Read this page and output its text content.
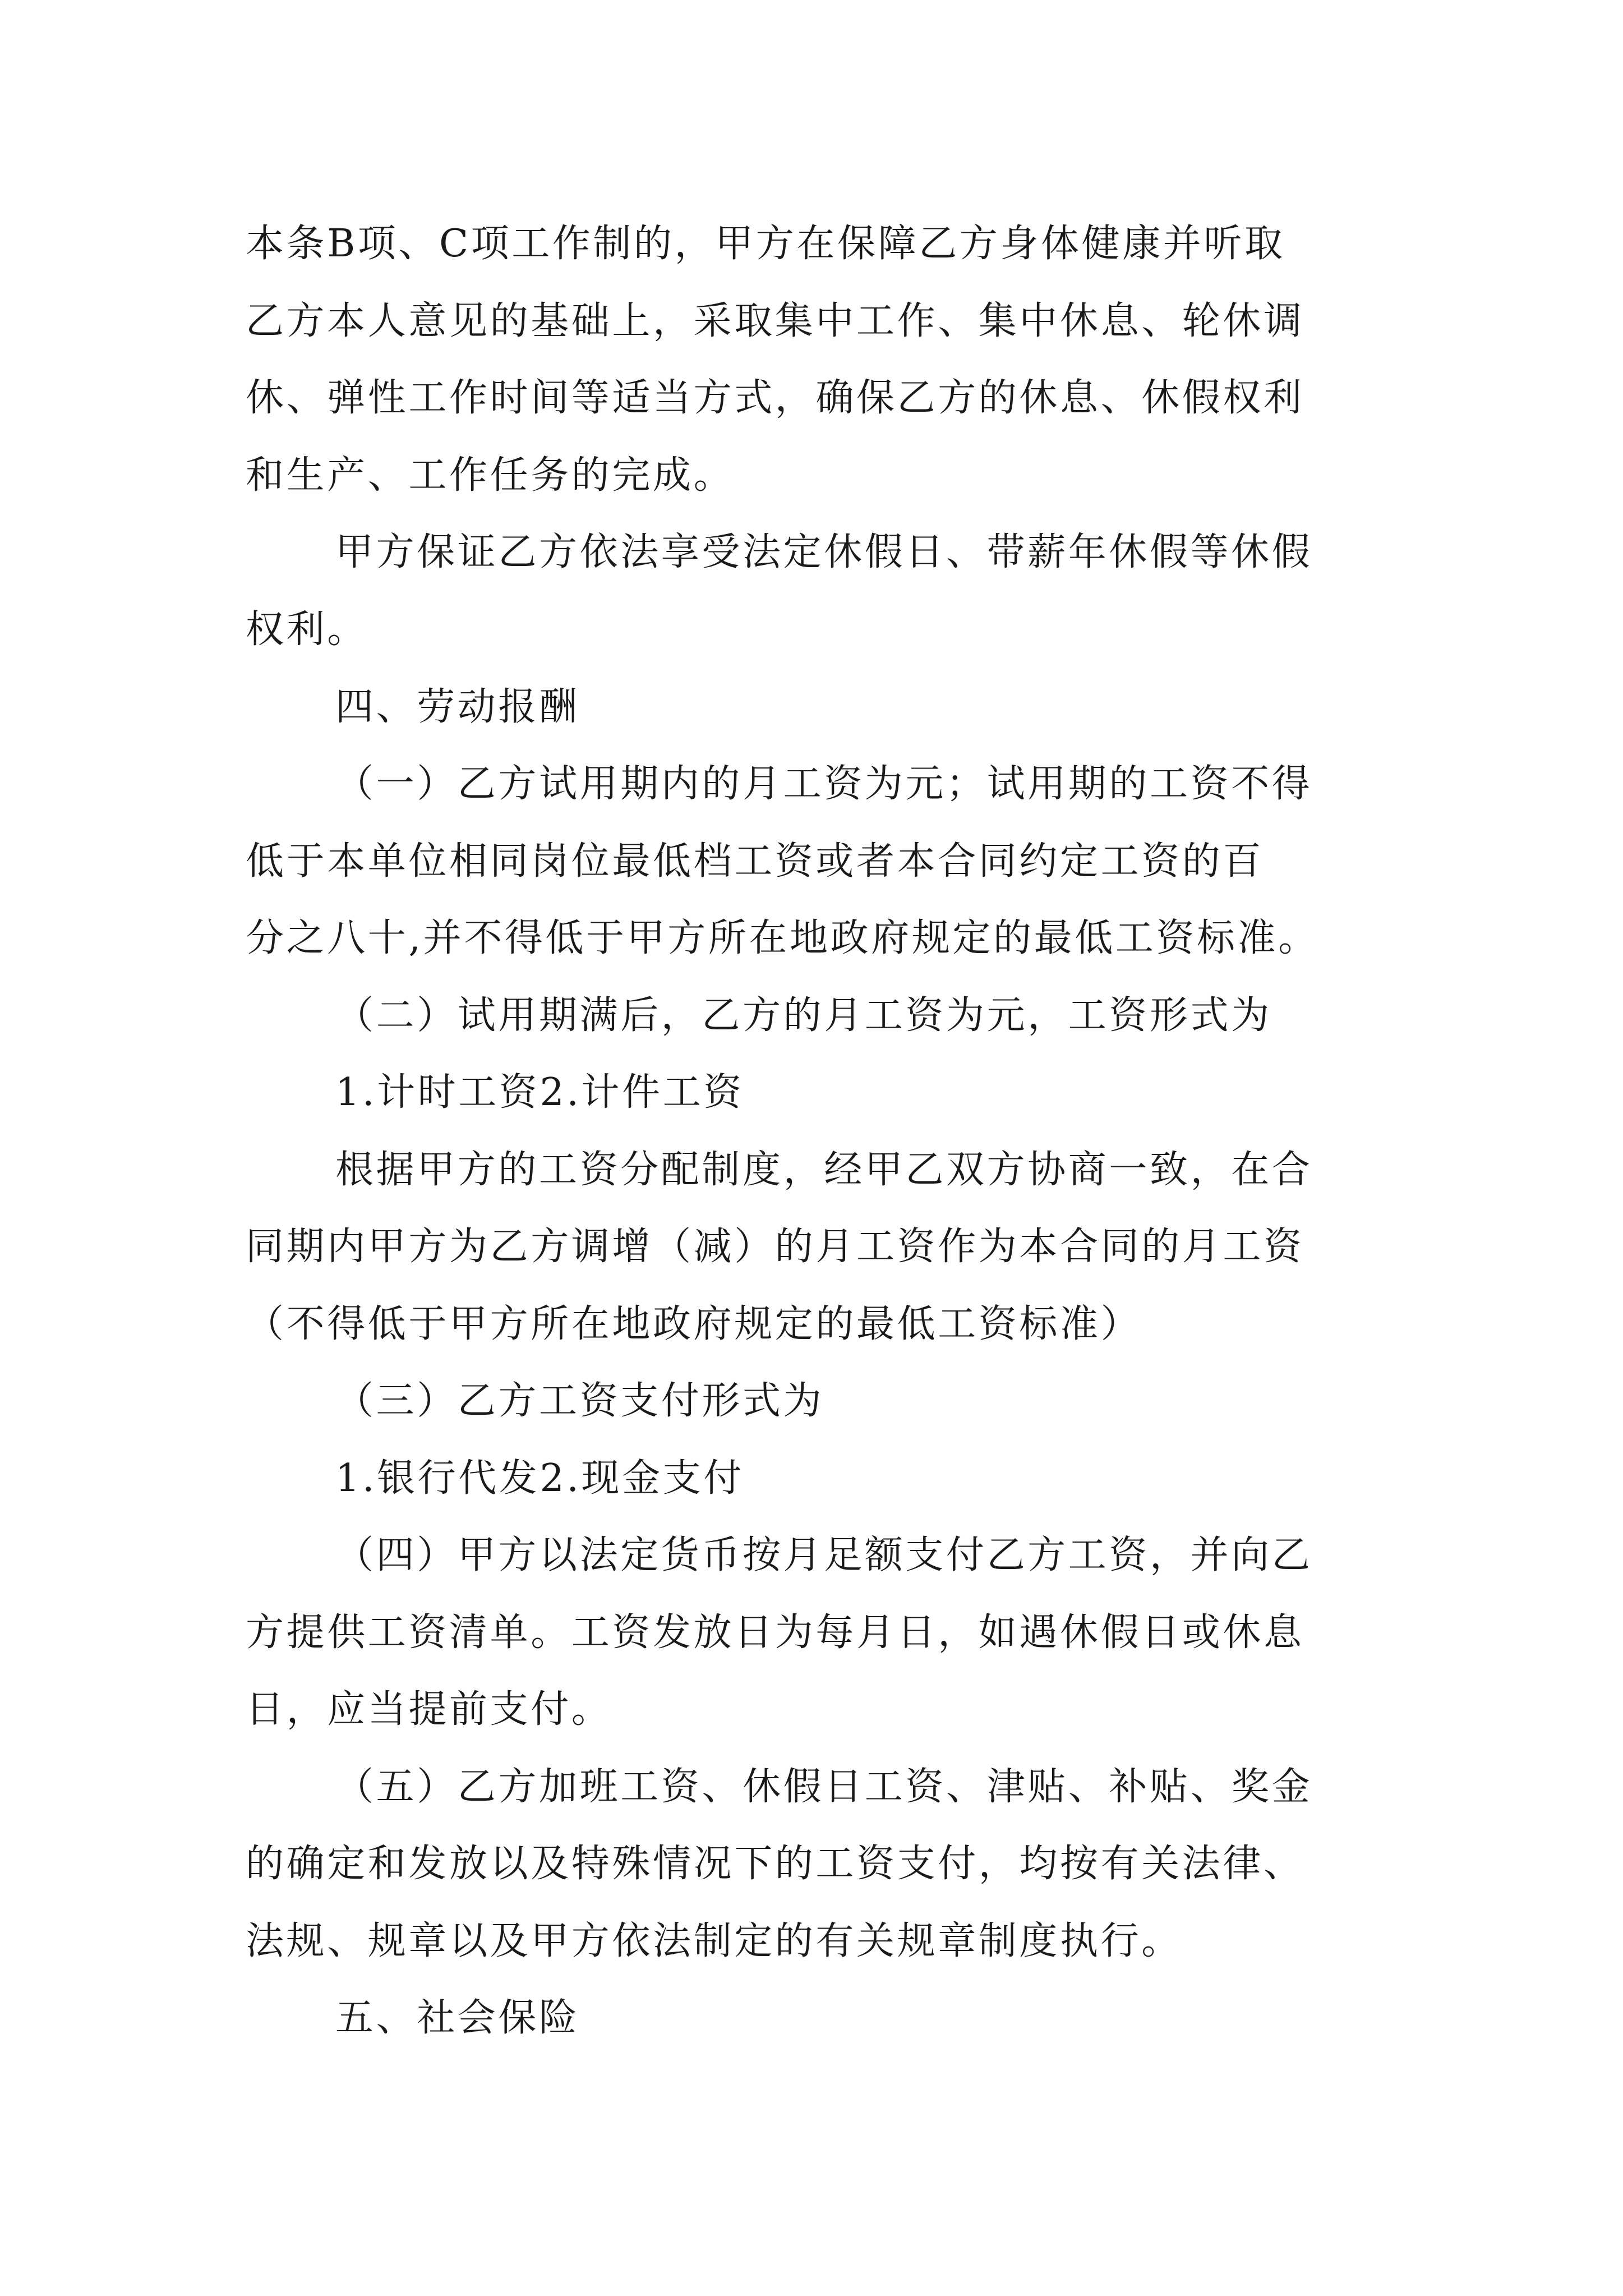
本条B项、C项工作制的，甲方在保障乙方身体健康并听取
乙方本人意见的基础上，采取集中工作、集中休息、轮休调
休、弹性工作时间等适当方式，确保乙方的休息、休假权利
和生产、工作任务的完成。
甲方保证乙方依法享受法定休假日、带薪年休假等休假
权利。
四、劳动报酬
（一）乙方试用期内的月工资为元；试用期的工资不得
低于本单位相同岗位最低档工资或者本合同约定工资的百
分之八十,并不得低于甲方所在地政府规定的最低工资标准。
（二）试用期满后，乙方的月工资为元，工资形式为
1.计时工资2.计件工资
根据甲方的工资分配制度，经甲乙双方协商一致，在合
同期内甲方为乙方调增（减）的月工资作为本合同的月工资
（不得低于甲方所在地政府规定的最低工资标准）
（三）乙方工资支付形式为
1.银行代发2.现金支付
（四）甲方以法定货币按月足额支付乙方工资，并向乙
方提供工资清单。工资发放日为每月日，如遇休假日或休息
日，应当提前支付。
（五）乙方加班工资、休假日工资、津贴、补贴、奖金
的确定和发放以及特殊情况下的工资支付，均按有关法律、
法规、规章以及甲方依法制定的有关规章制度执行。
五、社会保险
